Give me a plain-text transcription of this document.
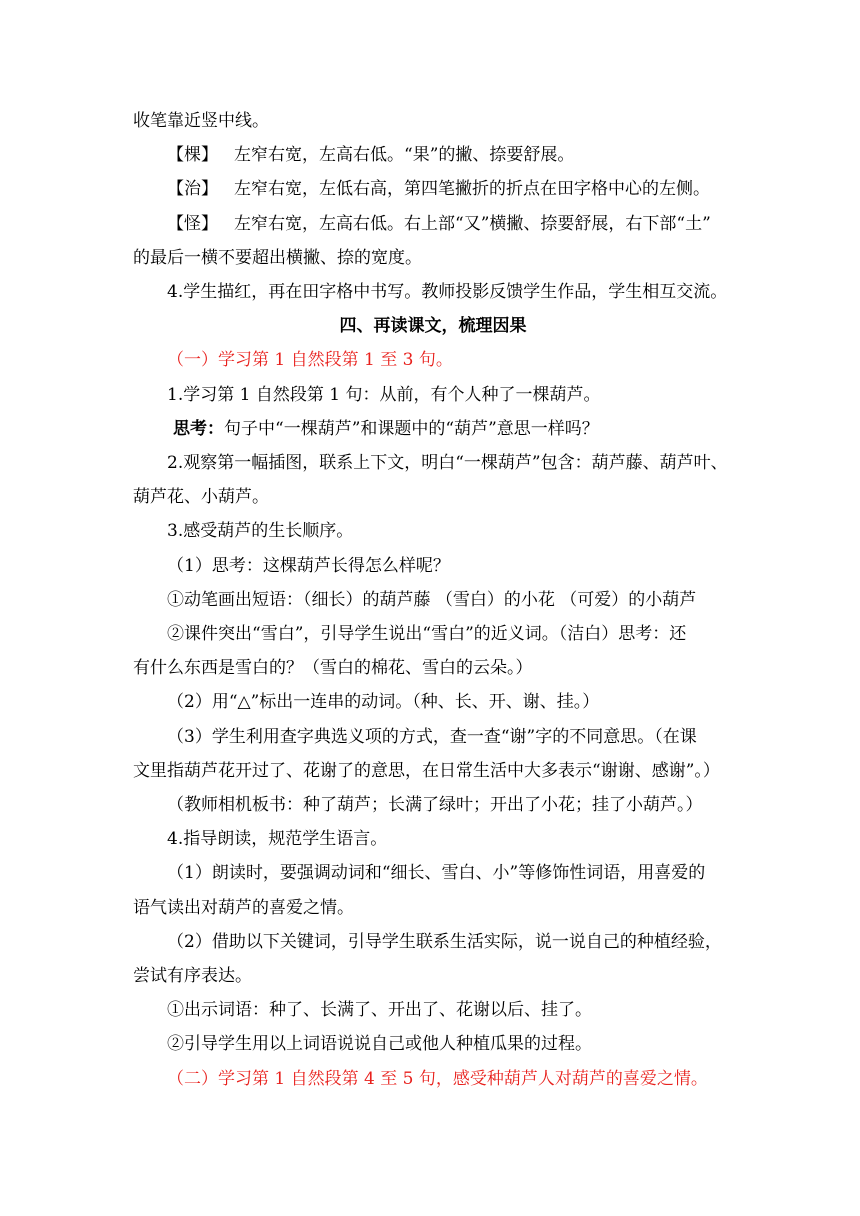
收笔靠近竖中线。

【棵】 左窄右宽，左高右低。“果”的撇、捺要舒展。

【治】 左窄右宽，左低右高，第四笔撇折的折点在田字格中心的左侧。

【怪】 左窄右宽，左高右低。右上部“又”横撇、捺要舒展，右下部“土”

的最后一横不要超出横撇、捺的宽度。

4.学生描红，再在田字格中书写。教师投影反馈学生作品，学生相互交流。

四、再读课文，梳理因果

（一）学习第 1 自然段第 1 至 3 句。

1.学习第 1 自然段第 1 句：从前，有个人种了一棵葫芦。

思考：句子中“一棵葫芦”和课题中的“葫芦”意思一样吗？

2.观察第一幅插图，联系上下文，明白“一棵葫芦”包含：葫芦藤、葫芦叶、

葫芦花、小葫芦。

3.感受葫芦的生长顺序。

（1）思考：这棵葫芦长得怎么样呢？

①动笔画出短语：（细长）的葫芦藤 （雪白）的小花 （可爱）的小葫芦

②课件突出“雪白”，引导学生说出“雪白”的近义词。（洁白）思考：还

有什么东西是雪白的？（雪白的棉花、雪白的云朵。）

（2）用“△”标出一连串的动词。（种、长、开、谢、挂。）

（3）学生利用查字典选义项的方式，查一查“谢”字的不同意思。（在课

文里指葫芦花开过了、花谢了的意思，在日常生活中大多表示“谢谢、感谢”。）

（教师相机板书：种了葫芦；长满了绿叶；开出了小花；挂了小葫芦。）

4.指导朗读，规范学生语言。

（1）朗读时，要强调动词和“细长、雪白、小”等修饰性词语，用喜爱的

语气读出对葫芦的喜爱之情。

（2）借助以下关键词，引导学生联系生活实际，说一说自己的种植经验，

尝试有序表达。

①出示词语：种了、长满了、开出了、花谢以后、挂了。

②引导学生用以上词语说说自己或他人种植瓜果的过程。

（二）学习第 1 自然段第 4 至 5 句，感受种葫芦人对葫芦的喜爱之情。
